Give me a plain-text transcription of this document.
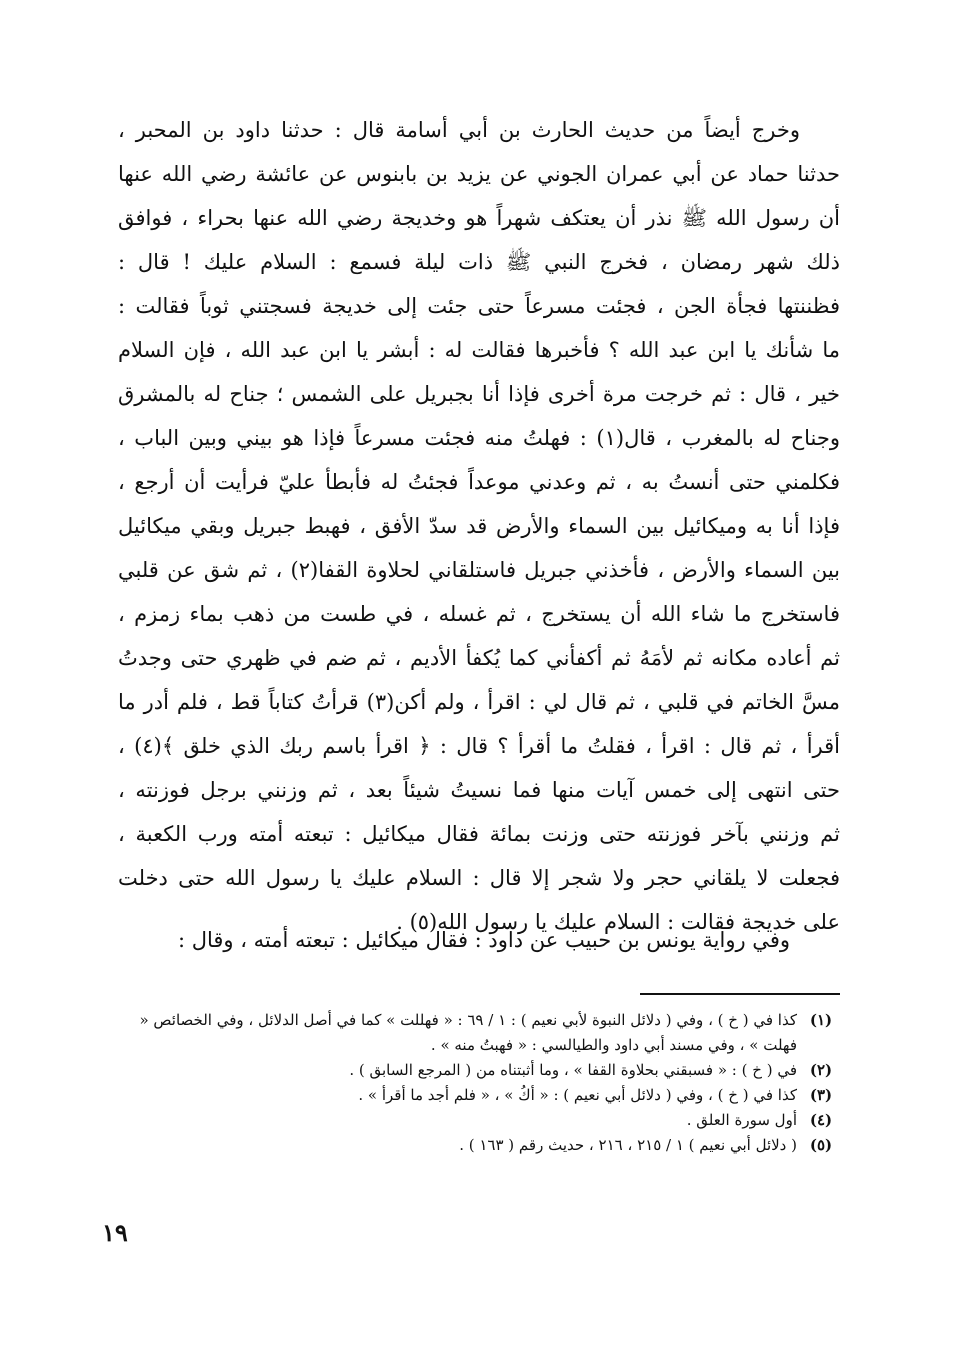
وخرج أيضاً من حديث الحارث بن أبي أسامة قال : حدثنا داود بن المحبر ،
حدثنا حماد عن أبي عمران الجوني عن يزيد بن بابنوس عن عائشة رضي الله عنها
أن رسول الله ﷺ نذر أن يعتكف شهراً هو وخديجة رضي الله عنها بحراء ، فوافق
ذلك شهر رمضان ، فخرج النبي ﷺ ذات ليلة فسمع : السلام عليك ! قال :
فظننتها فجأة الجن ، فجئت مسرعاً حتى جئت إلى خديجة فسجتني ثوباً فقالت :
ما شأنك يا ابن عبد الله ؟ فأخبرها فقالت له : أبشر يا ابن عبد الله ، فإن السلام
خير ، قال : ثم خرجت مرة أخرى فإذا أنا بجبريل على الشمس ؛ جناح له بالمشرق
وجناح له بالمغرب ، قال(١) : فهلتُ منه فجئت مسرعاً فإذا هو بيني وبين الباب ،
فكلمني حتى أنستُ به ، ثم وعدني موعداً فجئتُ له فأبطأ عليّ فرأيت أن أرجع ،
فإذا أنا به وميكائيل بين السماء والأرض قد سدّ الأفق ، فهبط جبريل وبقي ميكائيل
بين السماء والأرض ، فأخذني جبريل فاستلقاني لحلاوة القفا(٢) ، ثم شق عن قلبي
فاستخرج ما شاء الله أن يستخرج ، ثم غسله ، في طست من ذهب بماء زمزم ،
ثم أعاده مكانه ثم لأمَهُ ثم أكفأني كما يُكفأ الأديم ، ثم ضم في ظهري حتى وجدتُ
مسَّ الخاتم في قلبي ، ثم قال لي : اقرأ ، ولم أكن(٣) قرأتُ كتاباً قط ، فلم أدر ما
أقرأ ، ثم قال : اقرأ ، فقلتُ ما أقرأ ؟ قال : ﴿ اقرأ باسم ربك الذي خلق ﴾(٤) ،
حتى انتهى إلى خمس آيات منها فما نسيتُ شيئاً بعد ، ثم وزنني برجل فوزنته ،
ثم وزنني بآخر فوزنته حتى وزنت بمائة فقال ميكائيل : تبعته أمته ورب الكعبة ،
فجعلت لا يلقاني حجر ولا شجر إلا قال : السلام عليك يا رسول الله حتى دخلت
على خديجة فقالت : السلام عليك يا رسول الله(٥) .
وفي رواية يونس بن حبيب عن داود : فقال ميكائيل : تبعته أمته ، وقال :
(١)
كذا في ( خ ) ، وفي ( دلائل النبوة لأبي نعيم ) : ١ / ٦٩ : « فهللت » كما في أصل الدلائل ، وفي الخصائص « فهلت » ، وفي مسند أبي داود والطيالسي : « فهبتُ منه » .
(٢)
في ( خ ) : « فسبقني بحلاوة القفا » ، وما أثبتناه من ( المرجع السابق ) .
(٣)
كذا في ( خ ) ، وفي ( دلائل أبي نعيم ) : « أكُ » ، « فلم أجد ما أقرأ » .
(٤)
أول سورة العلق .
(٥)
( دلائل أبي نعيم ) ١ / ٢١٥ ، ٢١٦ ، حديث رقم ( ١٦٣ ) .
١٩
